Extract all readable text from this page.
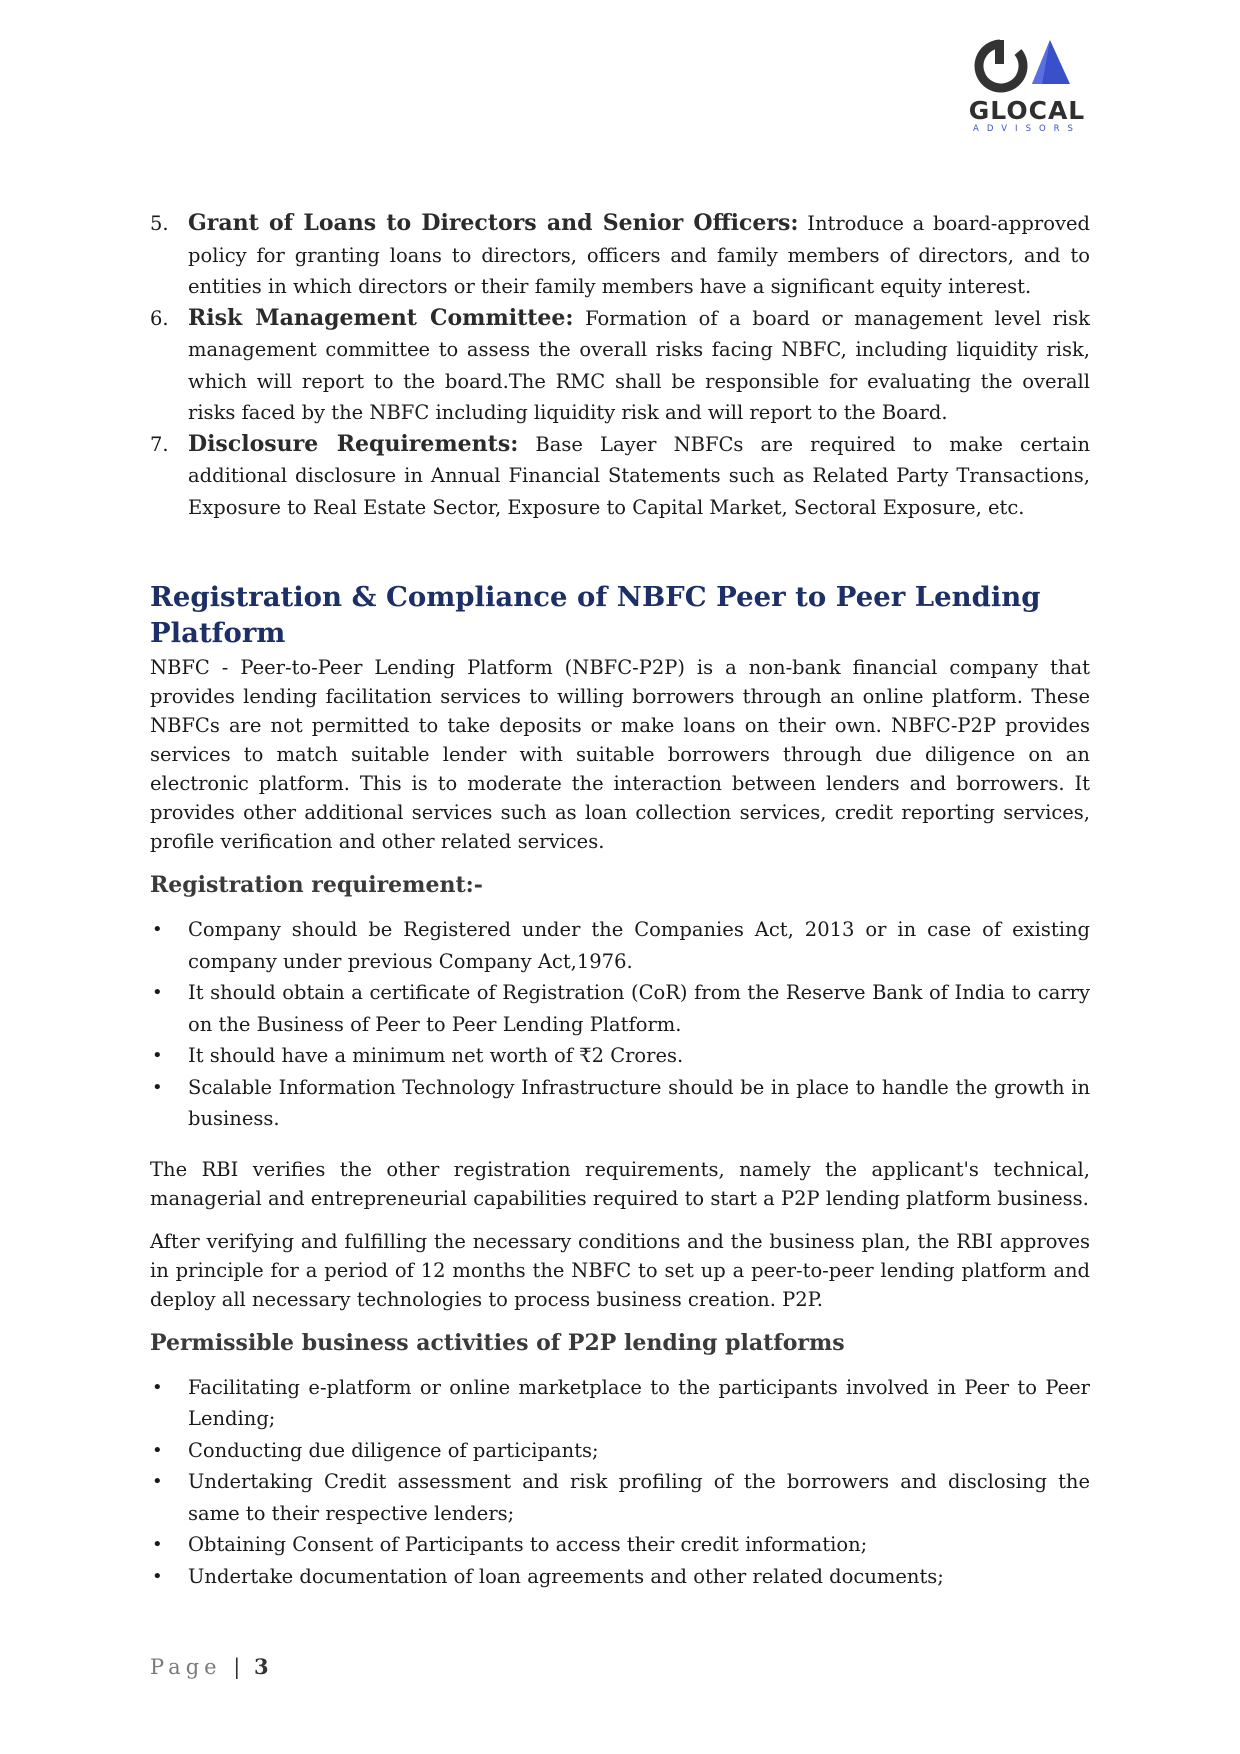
GLOCAL
ADVISORS
5. Grant of Loans to Directors and Senior Officers: Introduce a board-approved policy for granting loans to directors, officers and family members of directors, and to entities in which directors or their family members have a significant equity interest.
6. Risk Management Committee: Formation of a board or management level risk management committee to assess the overall risks facing NBFC, including liquidity risk, which will report to the board.The RMC shall be responsible for evaluating the overall risks faced by the NBFC including liquidity risk and will report to the Board.
7. Disclosure Requirements: Base Layer NBFCs are required to make certain additional disclosure in Annual Financial Statements such as Related Party Transactions, Exposure to Real Estate Sector, Exposure to Capital Market, Sectoral Exposure, etc.
Registration & Compliance of NBFC Peer to Peer Lending Platform

NBFC - Peer-to-Peer Lending Platform (NBFC-P2P) is a non-bank financial company that provides lending facilitation services to willing borrowers through an online platform. These NBFCs are not permitted to take deposits or make loans on their own. NBFC-P2P provides services to match suitable lender with suitable borrowers through due diligence on an electronic platform. This is to moderate the interaction between lenders and borrowers. It provides other additional services such as loan collection services, credit reporting services, profile verification and other related services.

Registration requirement:-
• Company should be Registered under the Companies Act, 2013 or in case of existing company under previous Company Act,1976.
• It should obtain a certificate of Registration (CoR) from the Reserve Bank of India to carry on the Business of Peer to Peer Lending Platform.
• It should have a minimum net worth of ₹2 Crores.
• Scalable Information Technology Infrastructure should be in place to handle the growth in business.

The RBI verifies the other registration requirements, namely the applicant's technical, managerial and entrepreneurial capabilities required to start a P2P lending platform business.

After verifying and fulfilling the necessary conditions and the business plan, the RBI approves in principle for a period of 12 months the NBFC to set up a peer-to-peer lending platform and deploy all necessary technologies to process business creation. P2P.

Permissible business activities of P2P lending platforms
• Facilitating e-platform or online marketplace to the participants involved in Peer to Peer Lending;
• Conducting due diligence of participants;
• Undertaking Credit assessment and risk profiling of the borrowers and disclosing the same to their respective lenders;
• Obtaining Consent of Participants to access their credit information;
• Undertake documentation of loan agreements and other related documents;
Page | 3
